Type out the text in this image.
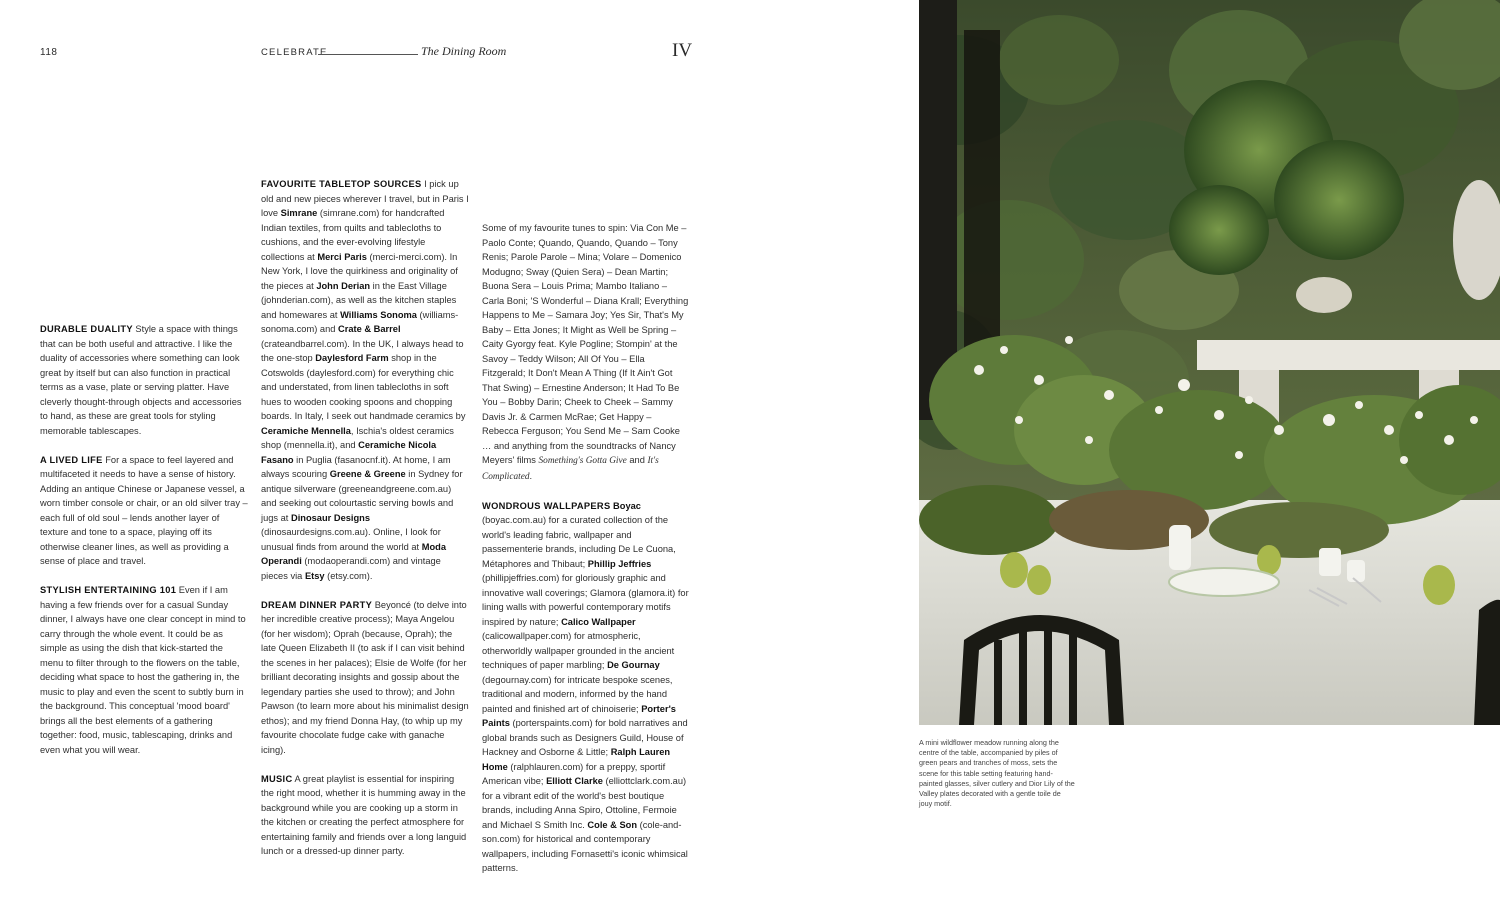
118	CELEBRATE	The Dining Room	IV

DURABLE DUALITY Style a space with things that can be both useful and attractive. I like the duality of accessories where something can look great by itself but can also function in practical terms as a vase, plate or serving platter. Have cleverly thought-through objects and accessories to hand, as these are great tools for styling memorable tablescapes.

A LIVED LIFE For a space to feel layered and multifaceted it needs to have a sense of history. Adding an antique Chinese or Japanese vessel, a worn timber console or chair, or an old silver tray – each full of old soul – lends another layer of texture and tone to a space, playing off its otherwise cleaner lines, as well as providing a sense of place and travel.

STYLISH ENTERTAINING 101 Even if I am having a few friends over for a casual Sunday dinner, I always have one clear concept in mind to carry through the whole event. It could be as simple as using the dish that kick-started the menu to filter through to the flowers on the table, deciding what space to host the gathering in, the music to play and even the scent to subtly burn in the background. This conceptual 'mood board' brings all the best elements of a gathering together: food, music, tablescaping, drinks and even what you will wear.

FAVOURITE TABLETOP SOURCES I pick up old and new pieces wherever I travel, but in Paris I love Simrane (simrane.com) for handcrafted Indian textiles, from quilts and tablecloths to cushions, and the ever-evolving lifestyle collections at Merci Paris (merci-merci.com). In New York, I love the quirkiness and originality of the pieces at John Derian in the East Village (johnderian.com), as well as the kitchen staples and homewares at Williams Sonoma (williams-sonoma.com) and Crate & Barrel (crateandbarrel.com). In the UK, I always head to the one-stop Daylesford Farm shop in the Cotswolds (daylesford.com) for everything chic and understated, from linen tablecloths in soft hues to wooden cooking spoons and chopping boards. In Italy, I seek out handmade ceramics by Ceramiche Mennella, Ischia's oldest ceramics shop (mennella.it), and Ceramiche Nicola Fasano in Puglia (fasanocnf.it). At home, I am always scouring Greene & Greene in Sydney for antique silverware (greeneandgreene.com.au) and seeking out colourtastic serving bowls and jugs at Dinosaur Designs (dinosaurdesigns.com.au). Online, I look for unusual finds from around the world at Moda Operandi (modaoperandi.com) and vintage pieces via Etsy (etsy.com).

DREAM DINNER PARTY Beyoncé (to delve into her incredible creative process); Maya Angelou (for her wisdom); Oprah (because, Oprah); the late Queen Elizabeth II (to ask if I can visit behind the scenes in her palaces); Elsie de Wolfe (for her brilliant decorating insights and gossip about the legendary parties she used to throw); and John Pawson (to learn more about his minimalist design ethos); and my friend Donna Hay, (to whip up my favourite chocolate fudge cake with ganache icing).

MUSIC A great playlist is essential for inspiring the right mood, whether it is humming away in the background while you are cooking up a storm in the kitchen or creating the perfect atmosphere for entertaining family and friends over a long languid lunch or a dressed-up dinner party.

Some of my favourite tunes to spin: Via Con Me – Paolo Conte; Quando, Quando, Quando – Tony Renis; Parole Parole – Mina; Volare – Domenico Modugno; Sway (Quien Sera) – Dean Martin; Buona Sera – Louis Prima; Mambo Italiano – Carla Boni; 'S Wonderful – Diana Krall; Everything Happens to Me – Samara Joy; Yes Sir, That's My Baby – Etta Jones; It Might as Well be Spring – Caity Gyorgy feat. Kyle Pogline; Stompin' at the Savoy – Teddy Wilson; All Of You – Ella Fitzgerald; It Don't Mean A Thing (If It Ain't Got That Swing) – Ernestine Anderson; It Had To Be You – Bobby Darin; Cheek to Cheek – Sammy Davis Jr. & Carmen McRae; Get Happy – Rebecca Ferguson; You Send Me – Sam Cooke … and anything from the soundtracks of Nancy Meyers' films Something's Gotta Give and It's Complicated.

WONDROUS WALLPAPERS Boyac (boyac.com.au) for a curated collection of the world's leading fabric, wallpaper and passementerie brands, including De Le Cuona, Métaphores and Thibaut; Phillip Jeffries (phillipjeffries.com) for gloriously graphic and innovative wall coverings; Glamora (glamora.it) for lining walls with powerful contemporary motifs inspired by nature; Calico Wallpaper (calicowallpaper.com) for atmospheric, otherworldly wallpaper grounded in the ancient techniques of paper marbling; De Gournay (degournay.com) for intricate bespoke scenes, traditional and modern, informed by the hand painted and finished art of chinoiserie; Porter's Paints (porterspaints.com) for bold narratives and global brands such as Designers Guild, House of Hackney and Osborne & Little; Ralph Lauren Home (ralphlauren.com) for a preppy, sportif American vibe; Elliott Clarke (elliottclark.com.au) for a vibrant edit of the world's best boutique brands, including Anna Spiro, Ottoline, Fermoie and Michael S Smith Inc. Cole & Son (cole-and-son.com) for historical and contemporary wallpapers, including Fornasetti's iconic whimsical patterns.

A mini wildflower meadow running along the centre of the table, accompanied by piles of green pears and tranches of moss, sets the scene for this table setting featuring hand-painted glasses, silver cutlery and Dior Lily of the Valley plates decorated with a gentle toile de jouy motif.
